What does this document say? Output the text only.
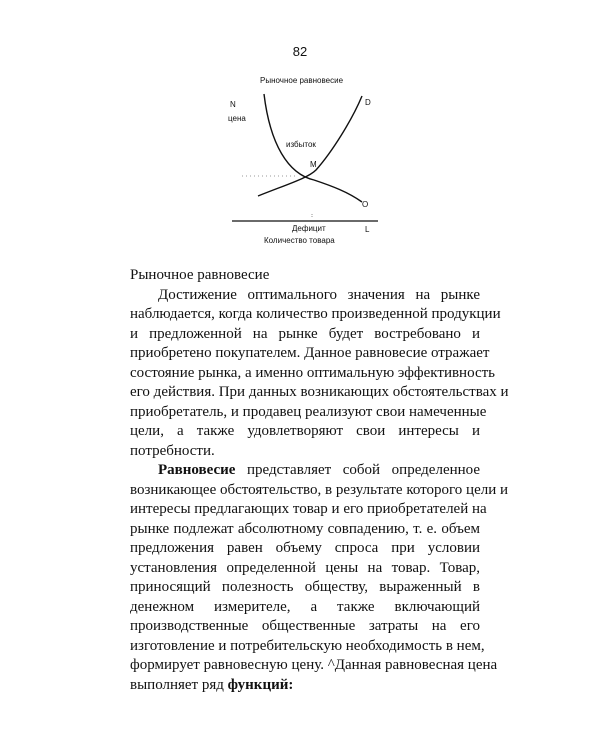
82
Рыночное равновесие
N
цена
D
избыток
M
O
Дефицит	L
Количество товара
Рыночное равновесие
Достижение оптимального значения на рынке
наблюдается, когда количество произведенной продукции
и предложенной на рынке будет востребовано и
приобретено покупателем. Данное равновесие отражает
состояние рынка, а именно оптимальную эффективность
его действия. При данных возникающих обстоятельствах и
приобретатель, и продавец реализуют свои намеченные
цели, а также удовлетворяют свои интересы и
потребности.
Равновесие представляет собой определенное
возникающее обстоятельство, в результате которого цели и
интересы предлагающих товар и его приобретателей на
рынке подлежат абсолютному совпадению, т. е. объем
предложения равен объему спроса при условии
установления определенной цены на товар. Товар,
приносящий полезность обществу, выраженный в
денежном измерителе, а также включающий
производственные общественные затраты на его
изготовление и потребительскую необходимость в нем,
формирует равновесную цену. ^Данная равновесная цена
выполняет ряд функций:
